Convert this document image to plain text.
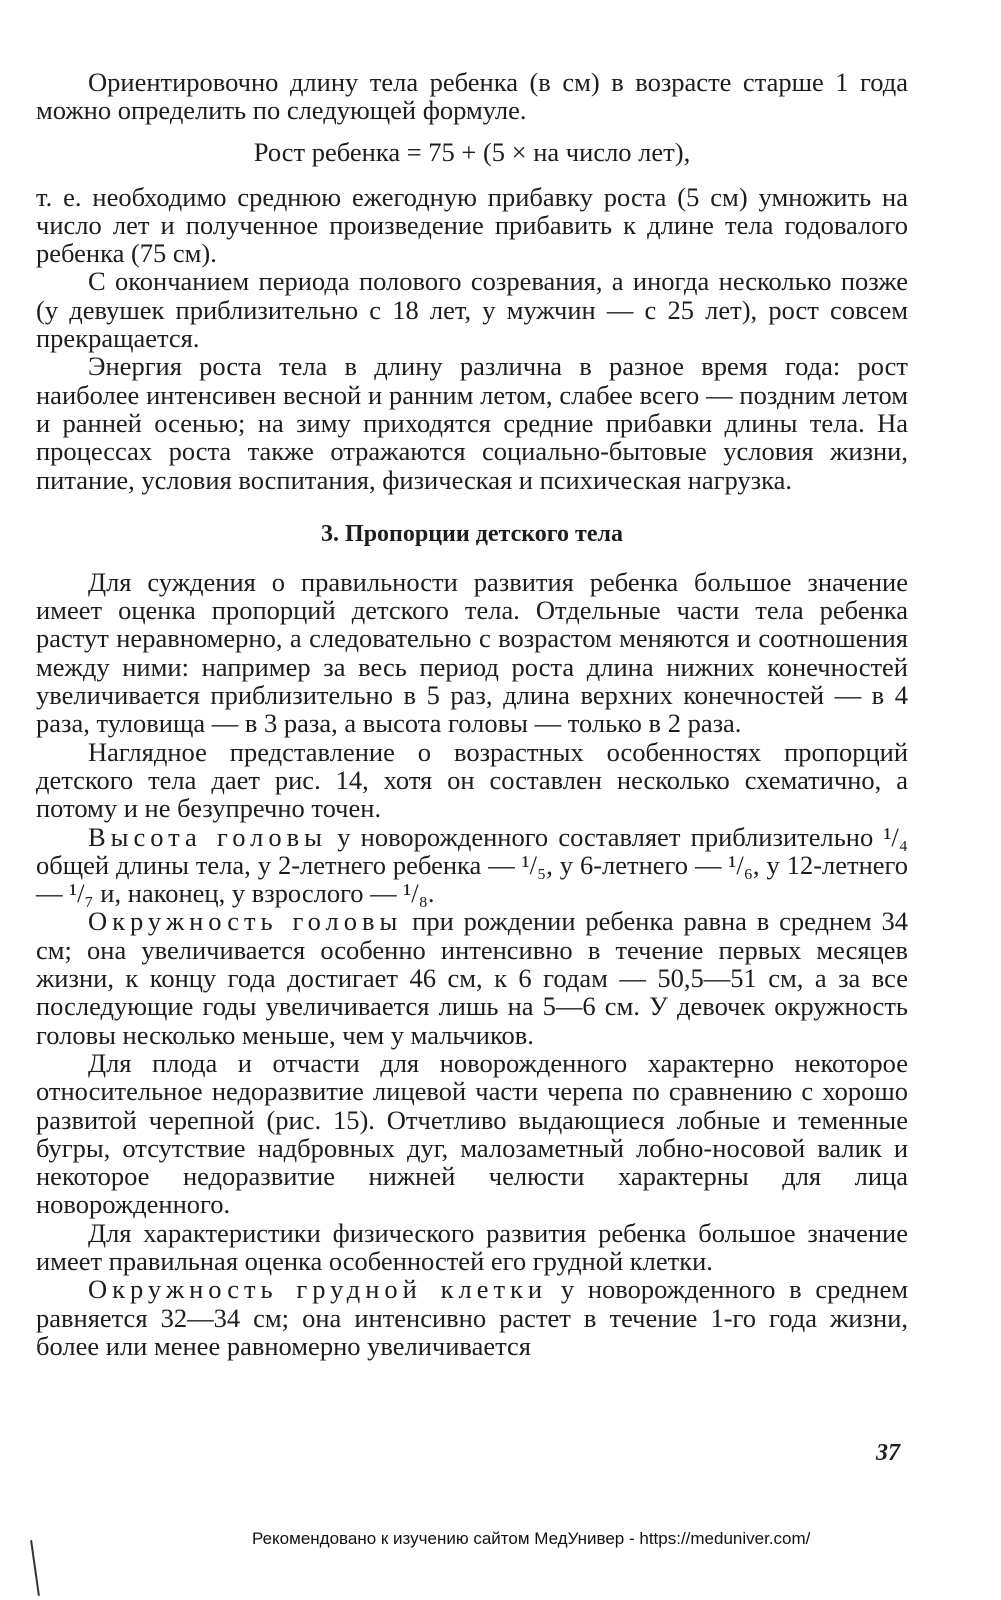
Ориентировочно длину тела ребенка (в см) в возрасте старше 1 года можно определить по следующей формуле.

Рост ребенка = 75 + (5 × на число лет),

т. е. необходимо среднюю ежегодную прибавку роста (5 см) умножить на число лет и полученное произведение прибавить к длине тела годовалого ребенка (75 см).

С окончанием периода полового созревания, а иногда несколько позже (у девушек приблизительно с 18 лет, у мужчин — с 25 лет), рост совсем прекращается.

Энергия роста тела в длину различна в разное время года: рост наиболее интенсивен весной и ранним летом, слабее всего — поздним летом и ранней осенью; на зиму приходятся средние прибавки длины тела. На процессах роста также отражаются социально-бытовые условия жизни, питание, условия воспитания, физическая и психическая нагрузка.

3. Пропорции детского тела

Для суждения о правильности развития ребенка большое значение имеет оценка пропорций детского тела. Отдельные части тела ребенка растут неравномерно, а следовательно с возрастом меняются и соотношения между ними: например за весь период роста длина нижних конечностей увеличивается приблизительно в 5 раз, длина верхних конечностей — в 4 раза, туловища — в 3 раза, а высота головы — только в 2 раза.

Наглядное представление о возрастных особенностях пропорций детского тела дает рис. 14, хотя он составлен несколько схематично, а потому и не безупречно точен.

Высота головы у новорожденного составляет приблизительно ¹/₄ общей длины тела, у 2-летнего ребенка — ¹/₅, у 6-летнего — ¹/₆, у 12-летнего — ¹/₇ и, наконец, у взрослого — ¹/₈.

Окружность головы при рождении ребенка равна в среднем 34 см; она увеличивается особенно интенсивно в течение первых месяцев жизни, к концу года достигает 46 см, к 6 годам — 50,5—51 см, а за все последующие годы увеличивается лишь на 5—6 см. У девочек окружность головы несколько меньше, чем у мальчиков.

Для плода и отчасти для новорожденного характерно некоторое относительное недоразвитие лицевой части черепа по сравнению с хорошо развитой черепной (рис. 15). Отчетливо выдающиеся лобные и теменные бугры, отсутствие надбровных дуг, малозаметный лобно-носовой валик и некоторое недоразвитие нижней челюсти характерны для лица новорожденного.

Для характеристики физического развития ребенка большое значение имеет правильная оценка особенностей его грудной клетки.

Окружность грудной клетки у новорожденного в среднем равняется 32—34 см; она интенсивно растет в течение 1-го года жизни, более или менее равномерно увеличивается

37
Рекомендовано к изучению сайтом МедУнивер - https://meduniver.com/
